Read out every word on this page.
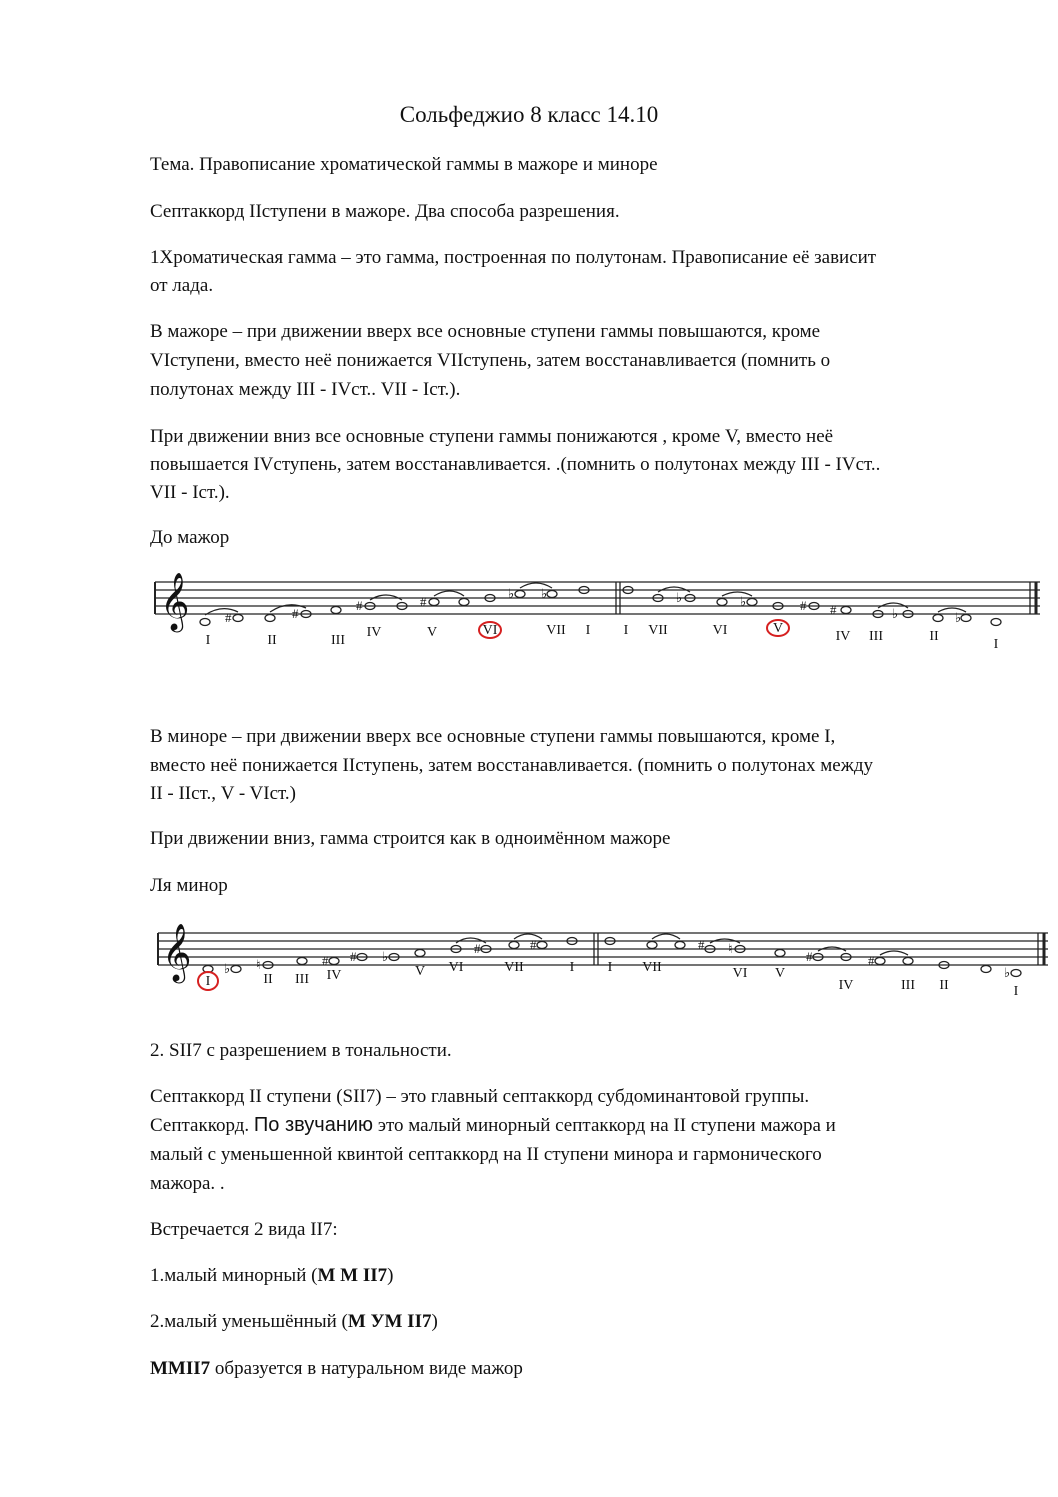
Сольфеджио 8 класс 14.10

Тема. Правописание хроматической гаммы в мажоре и миноре

Септаккорд IIступени в мажоре. Два способа разрешения.

1Хроматическая гамма – это гамма, построенная по полутонам. Правописание её зависит

от лада.

В мажоре – при движении вверх все основные ступени гаммы повышаются, кроме

VIступени, вместо неё понижается VIIступень, затем восстанавливается (помнить о

полутонах между III - IVст.. VII - Iст.).

При движении вниз все основные ступени гаммы понижаются , кроме V, вместо неё

повышается IVступень, затем восстанавливается. .(помнить о полутонах между III - IVст..

VII - Iст.).

До мажор

𝄞	#	#
#	#
♭ ♭	♭	♭	# #	♭	♭
I	II	III
IV	V	VI	VII I I VII	VI	V
IV III	II
I

В миноре – при движении вверх все основные ступени гаммы повышаются, кроме I,

вместо неё понижается IIступень, затем восстанавливается. (помнить о полутонах между

II - IIст., V - VIст.)

При движении вниз, гамма строится как в одноимённом мажоре

Ля минор

𝄞 ♭ ♮	# # ♭
#	#	# ♮
#	#
♭
I	II III IV	V VI	VII	I I VII	VI V
IV	III II	I

2. SII7 с разрешением в тональности.

Септаккорд II ступени (SII7) – это главный септаккорд субдоминантовой группы.

Септаккорд. По звучанию это малый минорный септаккорд на II ступени мажора и

малый с уменьшенной квинтой септаккорд на II ступени минора и гармонического

мажора. .

Встречается 2 вида II7:

1.малый минорный (М М II7)

2.малый уменьшённый (М УМ II7)

ММII7 образуется в натуральном виде мажор
